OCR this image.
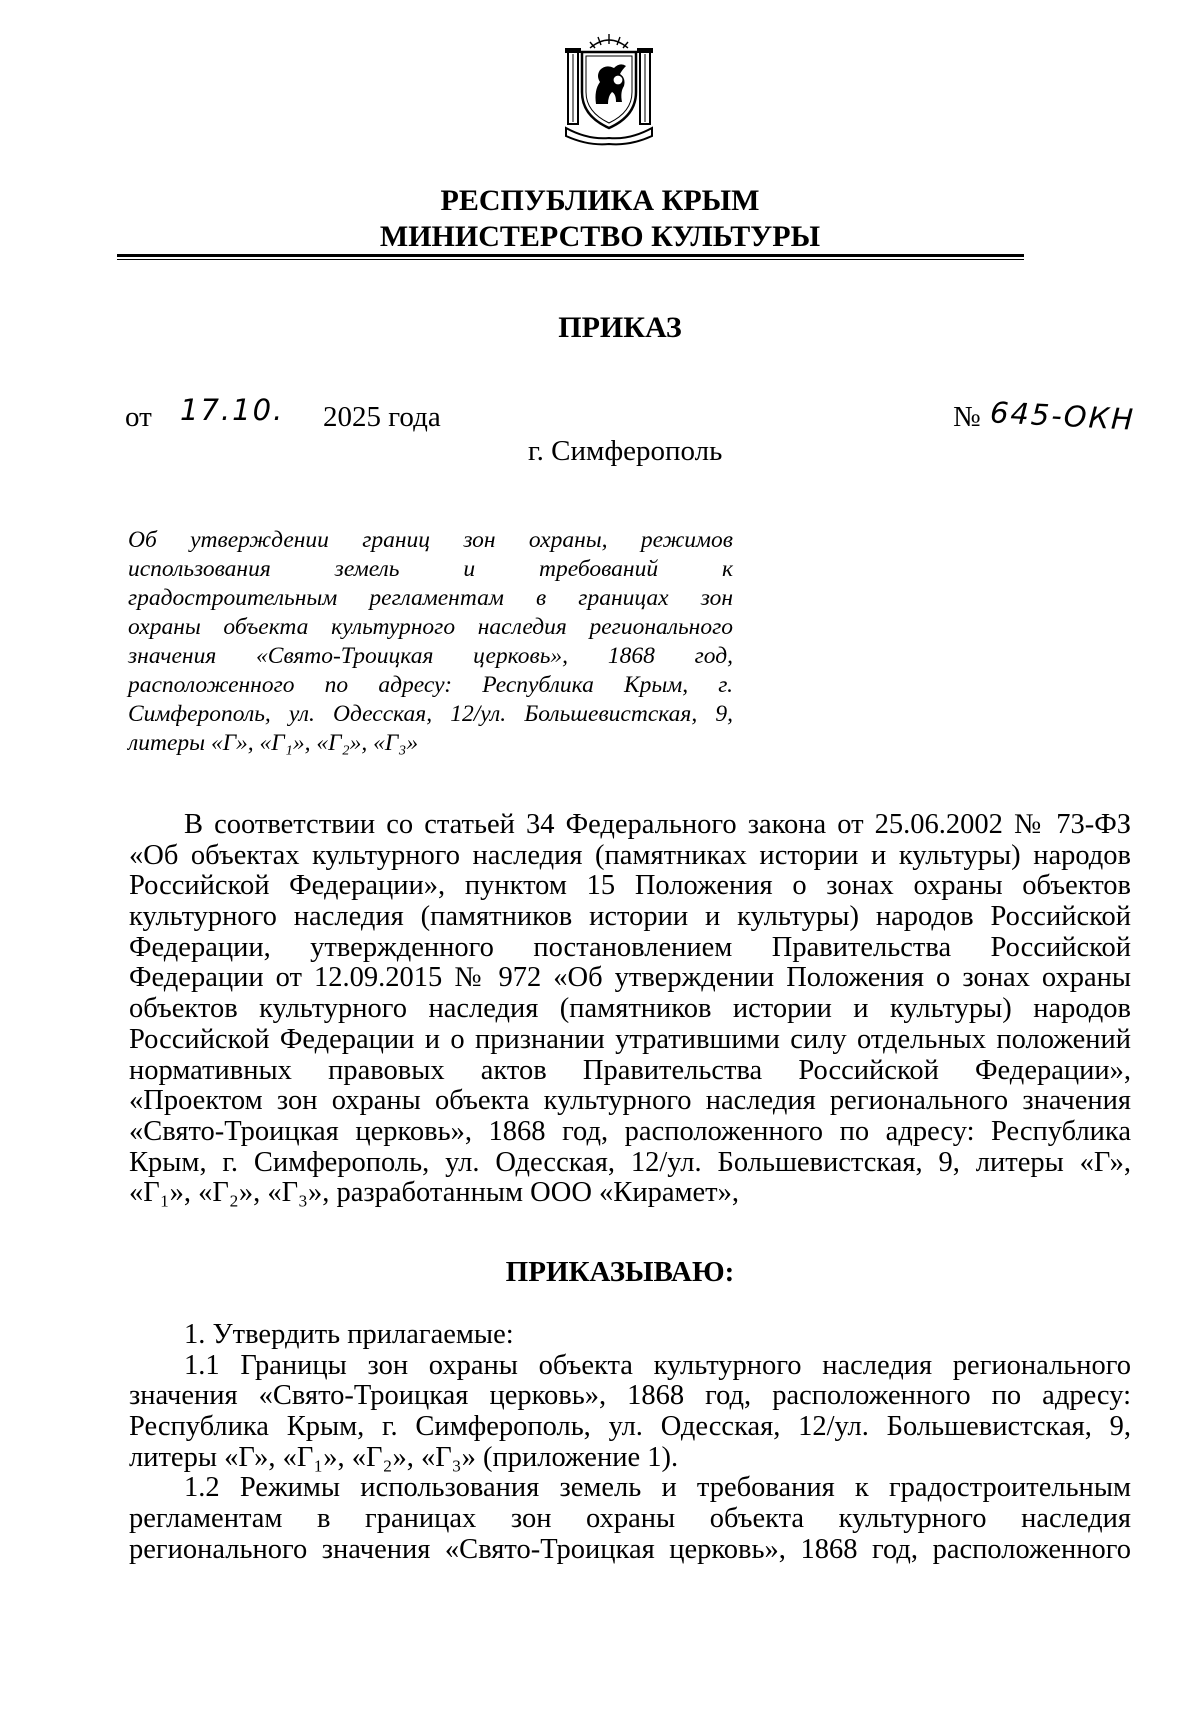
РЕСПУБЛИКА КРЫМ
МИНИСТЕРСТВО КУЛЬТУРЫ
ПРИКАЗ
от 17.10. 2025 года	№ 645-ОКН
г. Симферополь
Об утверждении границ зон охраны, режимов
использования земель и требований к
градостроительным регламентам в границах зон
охраны объекта культурного наследия регионального
значения «Свято-Троицкая церковь», 1868 год,
расположенного по адресу: Республика Крым, г.
Симферополь, ул. Одесская, 12/ул. Большевистская, 9,
литеры «Г», «Г₁», «Г₂», «Г₃»
В соответствии со статьей 34 Федерального закона от 25.06.2002 № 73-ФЗ
«Об объектах культурного наследия (памятниках истории и культуры) народов
Российской Федерации», пунктом 15 Положения о зонах охраны объектов
культурного наследия (памятников истории и культуры) народов Российской
Федерации, утвержденного постановлением Правительства Российской
Федерации от 12.09.2015 № 972 «Об утверждении Положения о зонах охраны
объектов культурного наследия (памятников истории и культуры) народов
Российской Федерации и о признании утратившими силу отдельных положений
нормативных правовых актов Правительства Российской Федерации»,
«Проектом зон охраны объекта культурного наследия регионального значения
«Свято-Троицкая церковь», 1868 год, расположенного по адресу: Республика
Крым, г. Симферополь, ул. Одесская, 12/ул. Большевистская, 9, литеры «Г»,
«Г₁», «Г₂», «Г₃», разработанным ООО «Кирамет»,
ПРИКАЗЫВАЮ:
1. Утвердить прилагаемые:
1.1 Границы зон охраны объекта культурного наследия регионального
значения «Свято-Троицкая церковь», 1868 год, расположенного по адресу:
Республика Крым, г. Симферополь, ул. Одесская, 12/ул. Большевистская, 9,
литеры «Г», «Г₁», «Г₂», «Г₃» (приложение 1).
1.2 Режимы использования земель и требования к градостроительным
регламентам в границах зон охраны объекта культурного наследия
регионального значения «Свято-Троицкая церковь», 1868 год, расположенного
